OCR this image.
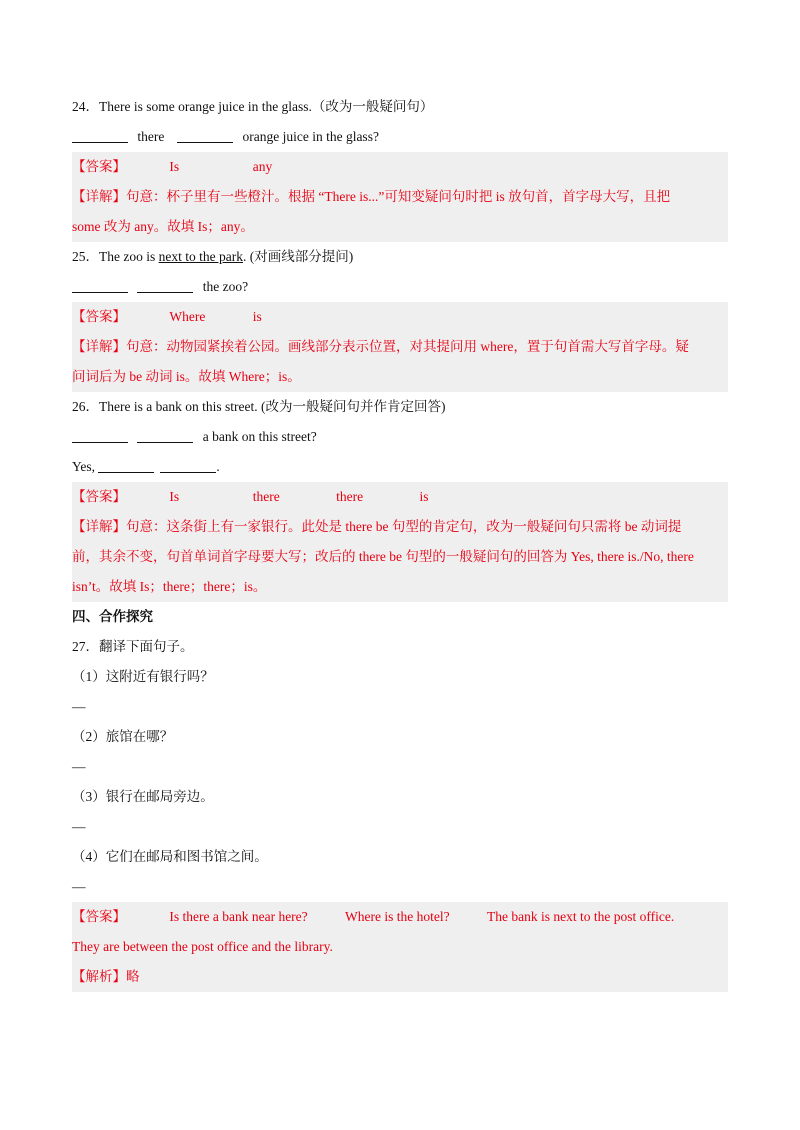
24．There is some orange juice in the glass.（改为一般疑问句）
there	orange juice in the glass?
【答案】	Is	any
【详解】句意：杯子里有一些橙汁。根据 “There is...”可知变疑问句时把 is 放句首，首字母大写，且把
some 改为 any。故填 Is；any。
25．The zoo is next to the park. (对画线部分提问)
the zoo?
【答案】	Where	is
【详解】句意：动物园紧挨着公园。画线部分表示位置，对其提问用 where，置于句首需大写首字母。疑
问词后为 be 动词 is。故填 Where；is。
26．There is a bank on this street. (改为一般疑问句并作肯定回答)
a bank on this street?
Yes,	.
【答案】	Is	there	there	is
【详解】句意：这条街上有一家银行。此处是 there be 句型的肯定句，改为一般疑问句只需将 be 动词提
前，其余不变，句首单词首字母要大写；改后的 there be 句型的一般疑问句的回答为 Yes, there is./No, there
isn’t。故填 Is；there；there；is。
四、合作探究
27．翻译下面句子。
（1）这附近有银行吗？
—
（2）旅馆在哪？
—
（3）银行在邮局旁边。
—
（4）它们在邮局和图书馆之间。
—
【答案】	Is there a bank near here?	Where is the hotel?	The bank is next to the post office.
They are between the post office and the library.
【解析】略
